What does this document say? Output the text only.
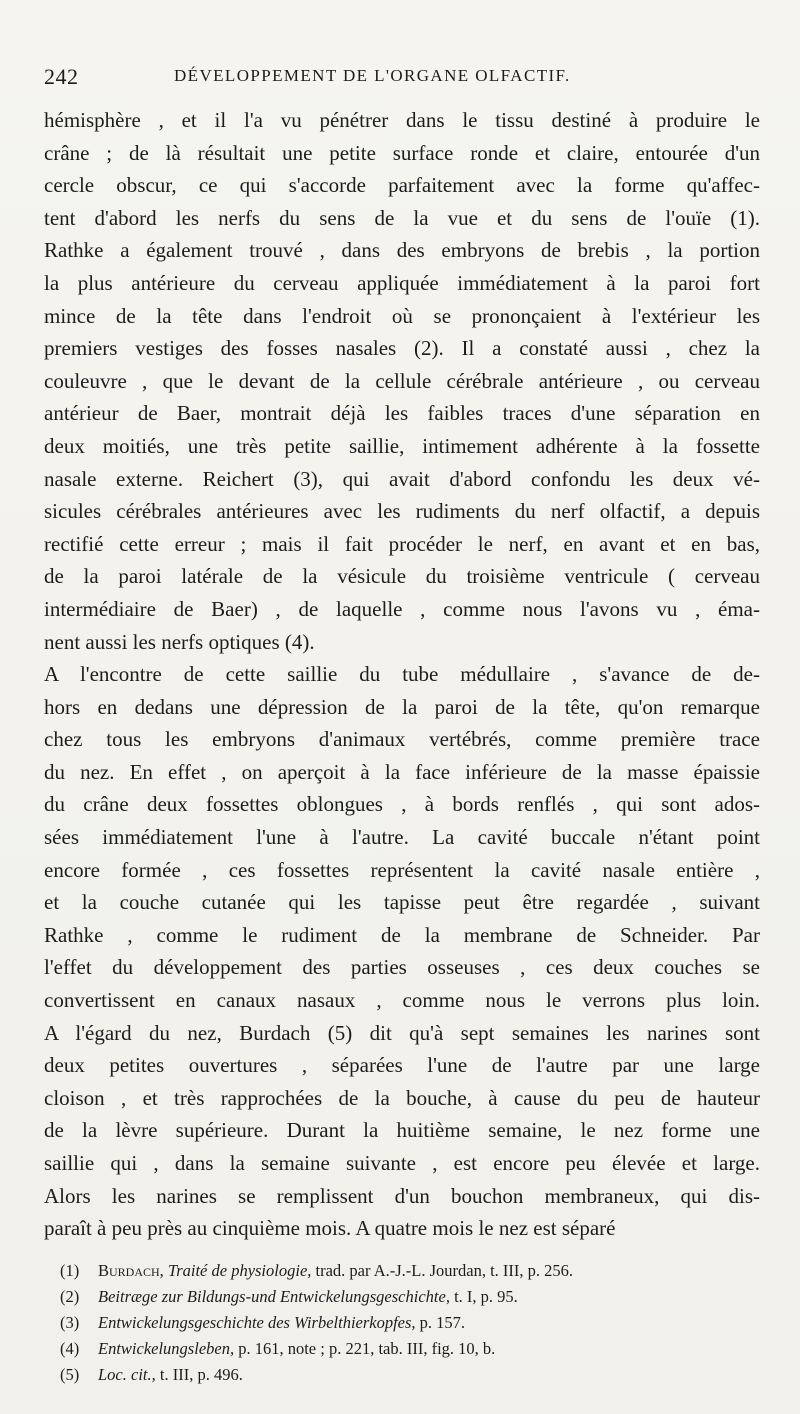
242	DÉVELOPPEMENT DE L'ORGANE OLFACTIF.
hémisphère , et il l'a vu pénétrer dans le tissu destiné à produire le
crâne ; de là résultait une petite surface ronde et claire, entourée d'un
cercle obscur, ce qui s'accorde parfaitement avec la forme qu'affec-
tent d'abord les nerfs du sens de la vue et du sens de l'ouïe (1).
Rathke a également trouvé , dans des embryons de brebis , la portion
la plus antérieure du cerveau appliquée immédiatement à la paroi fort
mince de la tête dans l'endroit où se prononçaient à l'extérieur les
premiers vestiges des fosses nasales (2). Il a constaté aussi , chez la
couleuvre , que le devant de la cellule cérébrale antérieure , ou cerveau
antérieur de Baer, montrait déjà les faibles traces d'une séparation en
deux moitiés, une très petite saillie, intimement adhérente à la fossette
nasale externe. Reichert (3), qui avait d'abord confondu les deux vé-
sicules cérébrales antérieures avec les rudiments du nerf olfactif, a depuis
rectifié cette erreur ; mais il fait procéder le nerf, en avant et en bas,
de la paroi latérale de la vésicule du troisième ventricule ( cerveau
intermédiaire de Baer) , de laquelle , comme nous l'avons vu , éma-
nent aussi les nerfs optiques (4).
A l'encontre de cette saillie du tube médullaire , s'avance de de-
hors en dedans une dépression de la paroi de la tête, qu'on remarque
chez tous les embryons d'animaux vertébrés, comme première trace
du nez. En effet , on aperçoit à la face inférieure de la masse épaissie
du crâne deux fossettes oblongues , à bords renflés , qui sont ados-
sées immédiatement l'une à l'autre. La cavité buccale n'étant point
encore formée , ces fossettes représentent la cavité nasale entière ,
et la couche cutanée qui les tapisse peut être regardée , suivant
Rathke , comme le rudiment de la membrane de Schneider. Par
l'effet du développement des parties osseuses , ces deux couches se
convertissent en canaux nasaux , comme nous le verrons plus loin.
A l'égard du nez, Burdach (5) dit qu'à sept semaines les narines sont
deux petites ouvertures , séparées l'une de l'autre par une large
cloison , et très rapprochées de la bouche, à cause du peu de hauteur
de la lèvre supérieure. Durant la huitième semaine, le nez forme une
saillie qui , dans la semaine suivante , est encore peu élevée et large.
Alors les narines se remplissent d'un bouchon membraneux, qui dis-
paraît à peu près au cinquième mois. A quatre mois le nez est séparé
(1) Burdach, Traité de physiologie, trad. par A.-J.-L. Jourdan, t. III, p. 256.
(2) Beitræge zur Bildungs-und Entwickelungsgeschichte, t. I, p. 95.
(3) Entwickelungsgeschichte des Wirbelthierkopfes, p. 157.
(4) Entwickelungsleben, p. 161, note ; p. 221, tab. III, fig. 10, b.
(5) Loc. cit., t. III, p. 496.
